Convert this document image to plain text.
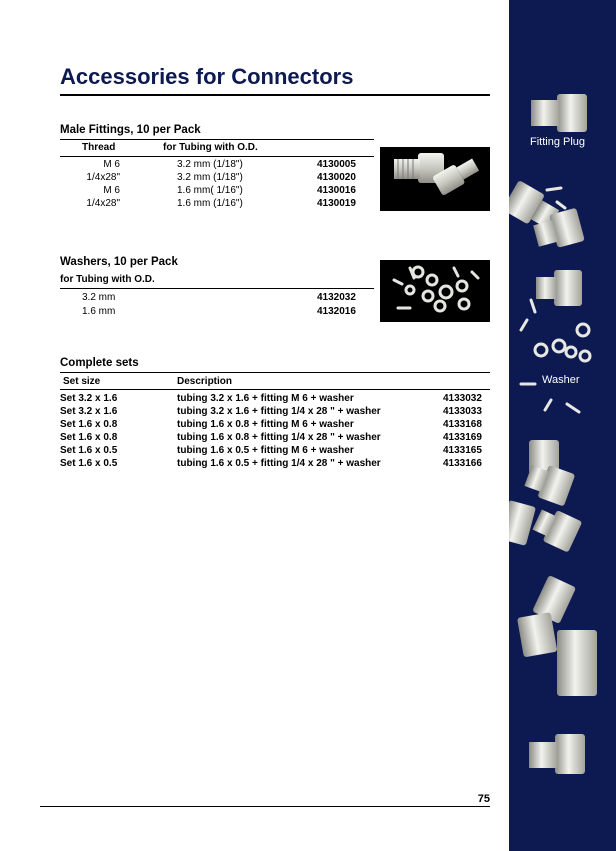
Accessories for Connectors
Male Fittings, 10 per Pack
Thread	for Tubing with O.D.
M 6	3.2 mm (1/18")	4130005
1/4x28"	3.2 mm (1/18")	4130020
M 6	1.6 mm( 1/16")	4130016
1/4x28"	1.6 mm (1/16")	4130019
Washers, 10 per Pack
for Tubing with O.D.
3.2 mm	4132032
1.6 mm	4132016
Complete sets
Set size	Description
Set 3.2 x 1.6	tubing 3.2 x 1.6 + fitting M 6 + washer	4133032
Set 3.2 x 1.6	tubing 3.2 x 1.6 + fitting 1/4 x 28 " + washer	4133033
Set 1.6 x 0.8	tubing 1.6 x 0.8 + fitting M 6 + washer	4133168
Set 1.6 x 0.8	tubing 1.6 x 0.8 + fitting 1/4 x 28 " + washer	4133169
Set 1.6 x 0.5	tubing 1.6 x 0.5 + fitting M 6 + washer	4133165
Set 1.6 x 0.5	tubing 1.6 x 0.5 + fitting 1/4 x 28 " + washer	4133166
75
Fitting Plug
Washer
